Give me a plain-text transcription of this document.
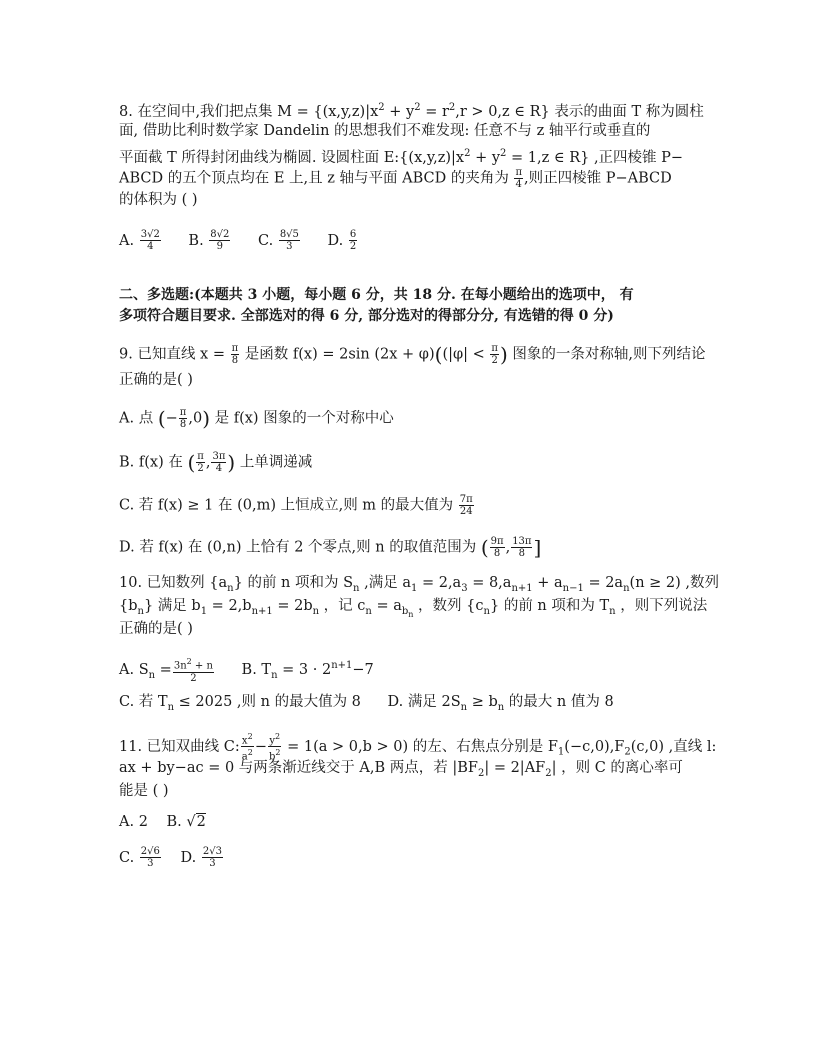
8. 在空间中,我们把点集 $M = \{(x,y,z)|x^2 + y^2 = r^2,r > 0,z$ ∈ R} 表示的曲面 T 称为圆柱
面, 借助比利时数学家 Dandelin 的思想我们不难发现: 任意不与 z 轴平行或垂直的
平面截 T 所得封闭曲线为椭圆. 设圆柱面 $E:\{(x,y,z)|x^2 + y^2 = 1,z$ ∈ R} ,正四棱锥 P−
ABCD 的五个顶点均在 E 上,且 z 轴与平面 ABCD 的夹角为 $\frac{\pi}{4}$ ,则正四棱锥 P−ABCD
的体积为 ( )
A. $\frac{3√2}{4} B$. $\frac{8√2}{9} C$. $\frac{8√5}{3} D$. $\frac{6}{2}$
二、多选题:(本题共 3 小题，每小题 6 分，共 18 分. 在每小题给出的选项中， 有
多项符合题目要求. 全部选对的得 6 分, 部分选对的得部分分, 有选错的得 0 分)
9. 已知直线 $x = \frac{\pi}{8}$ 是函数 f(x) = 2sin $(2x + \varphi)((|\varphi| < \frac{\pi}{2}$ ) 图象的一条对称轴,则下列结论
正确的是( )
A. 点 (− $\frac{\pi}{8} ,0$) 是 f(x) 图象的一个对称中心
B. f(x) 在 ( $\frac{\pi}{2}$ , $\frac{3\pi}{4}$ ) 上单调递减
C. 若 f(x) ≥ 1 在 (0,m) 上恒成立,则 m 的最大值为 $\frac{7\pi}{24}$
D. 若 f(x) 在 (0,n) 上恰有 2 个零点,则 n 的取值范围为 ( $\frac{9\pi}{8}$ , $\frac{13\pi}{8}$ ]
10. 已知数列 $\{a_n\}$ 的前 n 项和为 $S_n$ ,满足 $a_1 = 2,a_3 = 8,a_{n+1} + a_{n-1} = 2a_n(n \ge 2)$ ,数列
$\{b_n\}$ 满足 $b_1 = 2,b_{n+1} = 2b_n$ ，记 $c_n = a_{b_n}$ ，数列 $\{c_n\}$ 的前 n 项和为 $T_n$ ，则下列说法
正确的是( )
A. $S_n = \frac{3n^2 + n}{2} B$. $T_n = 3 \cdot 2^{n+1}-7$
C. 若 $T_n \le 2025$ ,则 n 的最大值为 8 D. 满足 $2S_n \ge b_n$ 的最大 n 值为 8
11. 已知双曲线 C: $\frac{x^2}{a^2} - \frac{y^2}{b^2} = 1(a > 0,b > 0)$ 的左、右焦点分别是 $F_1(-c,0),F_2(c,0)$ ,直线 l:
ax + by−ac = 0 与两条渐近线交于 A,B 两点，若 $|BF_2| = 2|AF_2|$ ，则 C 的离心率可
能是 ( )
A. 2 B. √2
C. $\frac{2√6}{3} D$. $\frac{2√3}{3}$
